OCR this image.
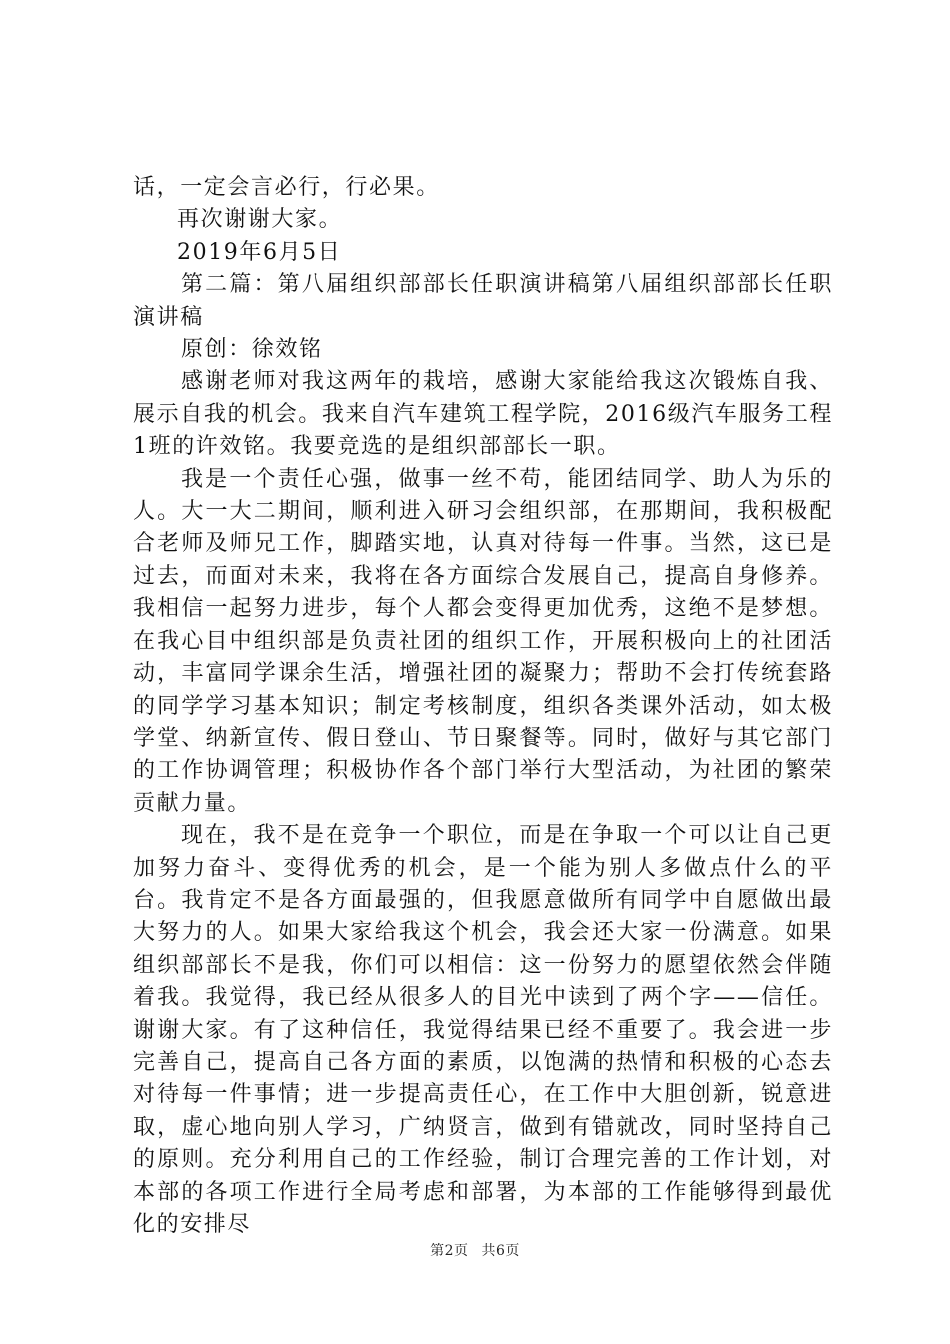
话，一定会言必行，行必果。

再次谢谢大家。

2019年6月5日

第二篇：第八届组织部部长任职演讲稿第八届组织部部长任职演讲稿

原创：徐效铭

感谢老师对我这两年的栽培，感谢大家能给我这次锻炼自我、展示自我的机会。我来自汽车建筑工程学院，2016级汽车服务工程1班的许效铭。我要竞选的是组织部部长一职。

我是一个责任心强，做事一丝不苟，能团结同学、助人为乐的人。大一大二期间，顺利进入研习会组织部，在那期间，我积极配合老师及师兄工作，脚踏实地，认真对待每一件事。当然，这已是过去，而面对未来，我将在各方面综合发展自己，提高自身修养。我相信一起努力进步，每个人都会变得更加优秀，这绝不是梦想。在我心目中组织部是负责社团的组织工作，开展积极向上的社团活动，丰富同学课余生活，增强社团的凝聚力；帮助不会打传统套路的同学学习基本知识；制定考核制度，组织各类课外活动，如太极学堂、纳新宣传、假日登山、节日聚餐等。同时，做好与其它部门的工作协调管理；积极协作各个部门举行大型活动，为社团的繁荣贡献力量。

现在，我不是在竞争一个职位，而是在争取一个可以让自己更加努力奋斗、变得优秀的机会，是一个能为别人多做点什么的平台。我肯定不是各方面最强的，但我愿意做所有同学中自愿做出最大努力的人。如果大家给我这个机会，我会还大家一份满意。如果组织部部长不是我，你们可以相信：这一份努力的愿望依然会伴随着我。我觉得，我已经从很多人的目光中读到了两个字——信任。谢谢大家。有了这种信任，我觉得结果已经不重要了。我会进一步完善自己，提高自己各方面的素质，以饱满的热情和积极的心态去对待每一件事情；进一步提高责任心，在工作中大胆创新，锐意进取，虚心地向别人学习，广纳贤言，做到有错就改，同时坚持自己的原则。充分利用自己的工作经验，制订合理完善的工作计划，对本部的各项工作进行全局考虑和部署，为本部的工作能够得到最优化的安排尽

第2页 共6页
